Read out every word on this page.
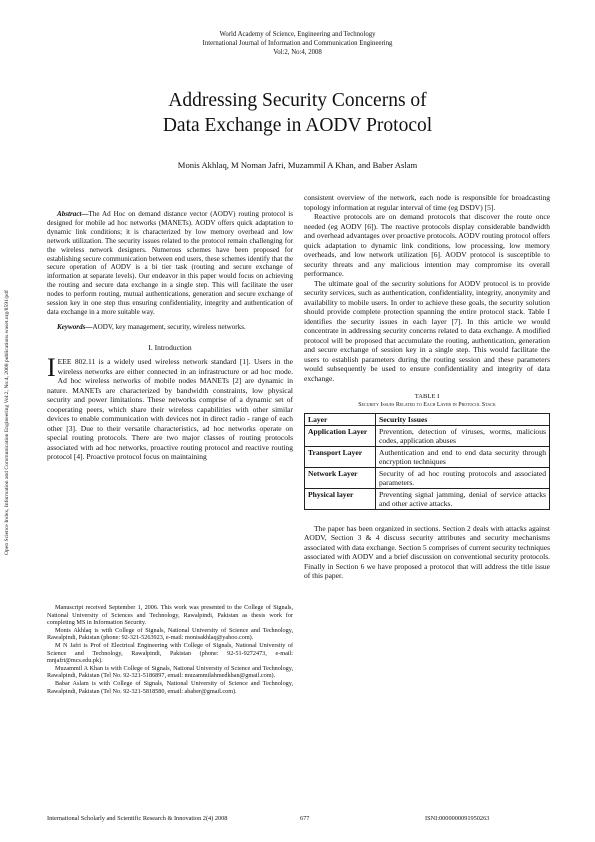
World Academy of Science, Engineering and Technology
International Journal of Information and Communication Engineering
Vol:2, No:4, 2008
Addressing Security Concerns of
Data Exchange in AODV Protocol
Monis Akhlaq, M Noman Jafri, Muzammil A Khan, and Baber Aslam
Open Science Index, Information and Communication Engineering Vol:2, No:4, 2008 publications.waset.org/8591/pdf

Abstract—The Ad Hoc on demand distance vector (AODV) routing protocol is designed for mobile ad hoc networks (MANETs). AODV offers quick adaptation to dynamic link conditions; it is characterized by low memory overhead and low network utilization. The security issues related to the protocol remain challenging for the wireless network designers. Numerous schemes have been proposed for establishing secure communication between end users, these schemes identify that the secure operation of AODV is a bi tier task (routing and secure exchange of information at separate levels). Our endeavor in this paper would focus on achieving the routing and secure data exchange in a single step. This will facilitate the user nodes to perform routing, mutual authentications, generation and secure exchange of session key in one step thus ensuring confidentiality, integrity and authentication of data exchange in a more suitable way.

Keywords—AODV, key management, security, wireless networks.

I. Introduction

IEEE 802.11 is a widely used wireless network standard [1]. Users in the wireless networks are either connected in an infrastructure or ad hoc mode. Ad hoc wireless networks of mobile nodes MANETs [2] are dynamic in nature. MANETs are characterized by bandwidth constraints, low physical security and power limitations. These networks comprise of a dynamic set of cooperating peers, which share their wireless capabilities with other similar devices to enable communication with devices not in direct radio - range of each other [3]. Due to their versatile characteristics, ad hoc networks operate on special routing protocols. There are two major classes of routing protocols associated with ad hoc networks, proactive routing protocol and reactive routing protocol [4]. Proactive protocol focus on maintaining

Manuscript received September 1, 2006. This work was presented to the College of Signals, National University of Sciences and Technology, Rawalpindi, Pakistan as thesis work for completing MS in Information Security.

Monis Akhlaq is with College of Signals, National University of Science and Technology, Rawalpindi, Pakistan (phone: 92-321-5263923, e-mail: monisakhlaq@yahoo.com).

M N Jafri is Prof of Electrical Engineering with College of Signals, National University of Science and Technology, Rawalpindi, Pakistan (phone: 92-51-9272473, e-mail: mnjafri@mcs.edu.pk).

Muzammil A Khan is with College of Signals, National University of Science and Technology, Rawalpindi, Pakistan (Tel No. 92-321-5186897, email: muzammilahmedkhan@gmail.com).

Babar Aslam is with College of Signals, National University of Science and Technology, Rawalpindi, Pakistan (Tel No. 92-321-5818580, email: ababer@gmail.com).

consistent overview of the network, each node is responsible for broadcasting topology information at regular interval of time (eg DSDV) [5].

Reactive protocols are on demand protocols that discover the route once needed (eg AODV [6]). The reactive protocols display considerable bandwidth and overhead advantages over proactive protocols. AODV routing protocol offers quick adaptation to dynamic link conditions, low processing, low memory overheads, and low network utilization [6]. AODV protocol is susceptible to security threats and any malicious intention may compromise its overall performance.

The ultimate goal of the security solutions for AODV protocol is to provide security services, such as authentication, confidentiality, integrity, anonymity and availability to mobile users. In order to achieve these goals, the security solution should provide complete protection spanning the entire protocol stack. Table I identifies the security issues in each layer [7]. In this article we would concentrate in addressing security concerns related to data exchange. A modified protocol will be proposed that accumulate the routing, authentication, generation and secure exchange of session key in a single step. This would facilitate the users to establish parameters during the routing session and these parameters would subsequently be used to ensure confidentiality and integrity of data exchange.

TABLE I
Security Issues Related to Each Layer in Protocol Stack
Layer	Security Issues
Application Layer	Prevention, detection of viruses, worms, malicious codes, application abuses
Transport Layer	Authentication and end to end data security through encryption techniques
Network Layer	Security of ad hoc routing protocols and associated parameters.
Physical layer	Preventing signal jamming, denial of service attacks and other active attacks.

The paper has been organized in sections. Section 2 deals with attacks against AODV, Section 3 & 4 discuss security attributes and security mechanisms associated with data exchange. Section 5 comprises of current security techniques associated with AODV and a brief discussion on conventional security protocols. Finally in Section 6 we have proposed a protocol that will address the title issue of this paper.

International Scholarly and Scientific Research & Innovation 2(4) 2008	677	ISNI:0000000091950263
